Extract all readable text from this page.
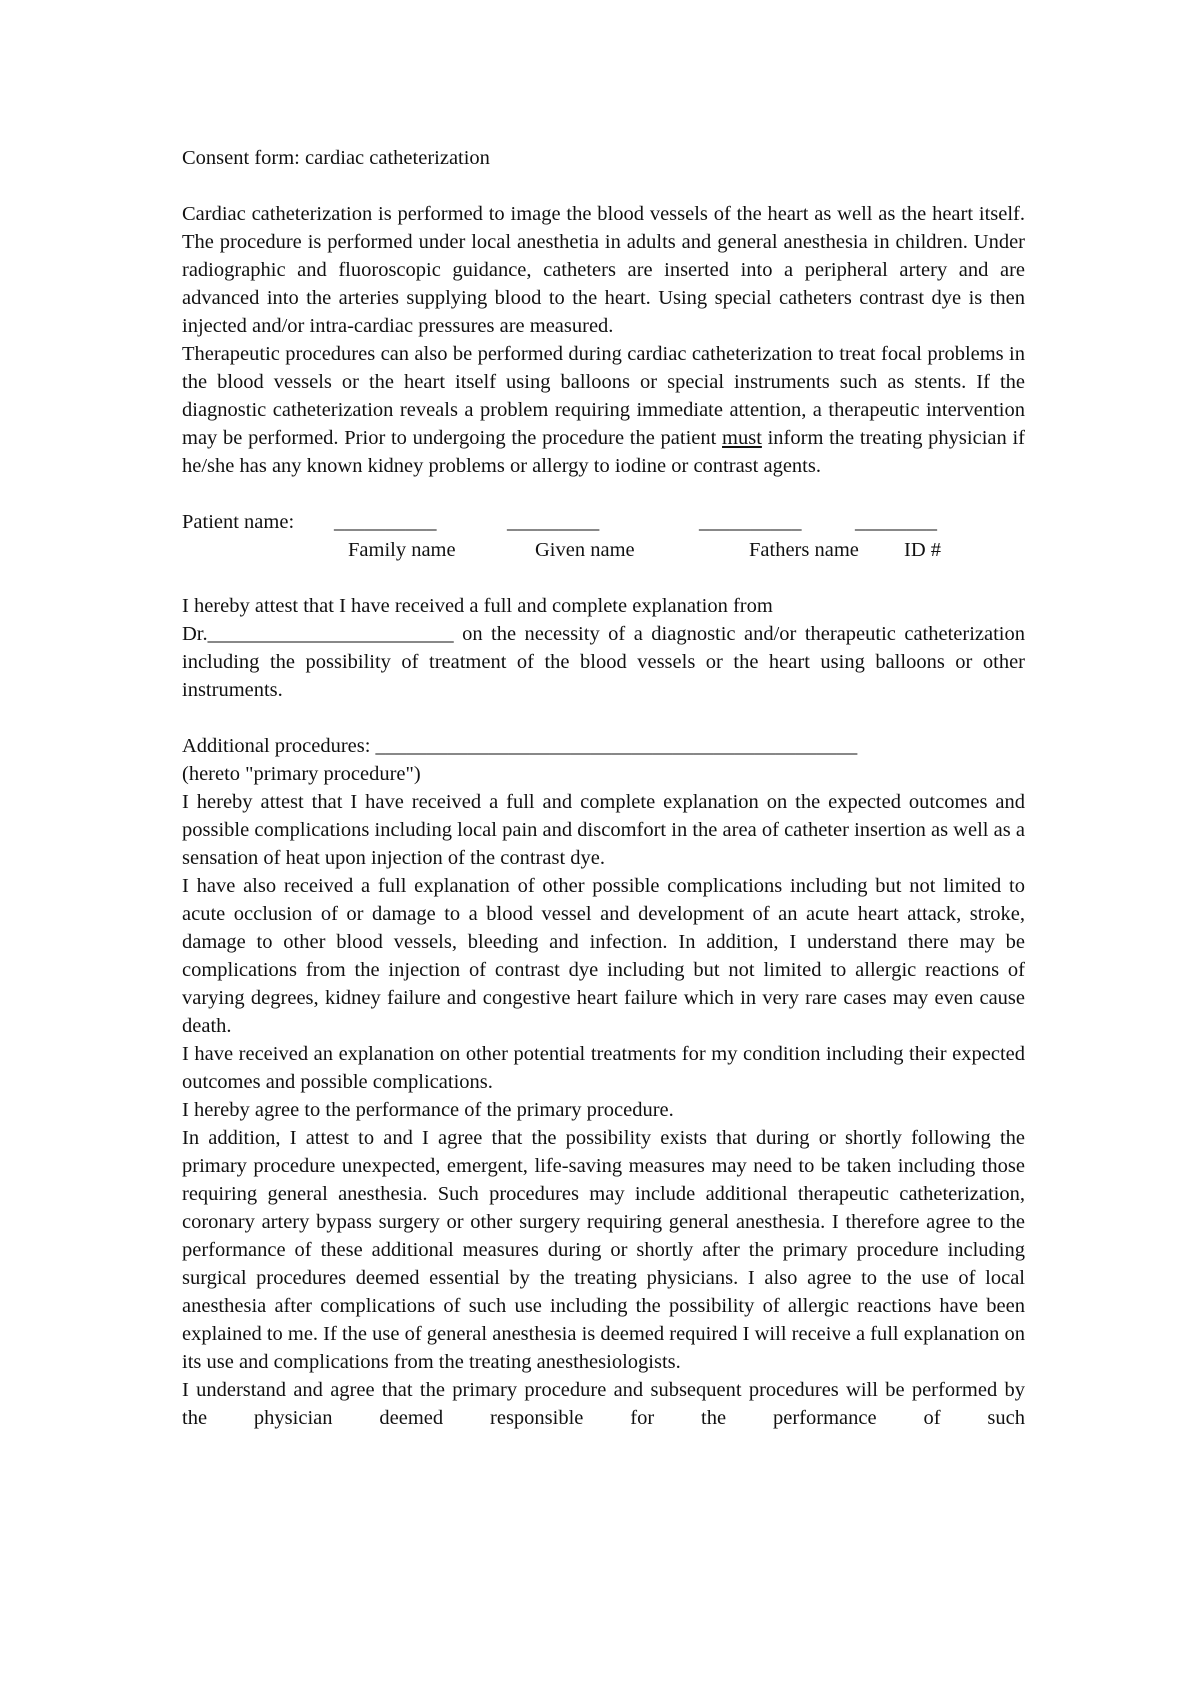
Consent form: cardiac catheterization

Cardiac catheterization is performed to image the blood vessels of the heart as well as the heart itself. The procedure is performed under local anesthetia in adults and general anesthesia in children. Under radiographic and fluoroscopic guidance, catheters are inserted into a peripheral artery and are advanced into the arteries supplying blood to the heart. Using special catheters contrast dye is then injected and/or intra-cardiac pressures are measured.

Therapeutic procedures can also be performed during cardiac catheterization to treat focal problems in the blood vessels or the heart itself using balloons or special instruments such as stents. If the diagnostic catheterization reveals a problem requiring immediate attention, a therapeutic intervention may be performed. Prior to undergoing the procedure the patient must inform the treating physician if he/she has any known kidney problems or allergy to iodine or contrast agents.

Patient name: __________	_________	__________	________
Family name	Given name	Fathers name ID #

I hereby attest that I have received a full and complete explanation from

Dr.________________________ on the necessity of a diagnostic and/or therapeutic catheterization including the possibility of treatment of the blood vessels or the heart using balloons or other instruments.

Additional procedures: _______________________________________________

(hereto "primary procedure")

I hereby attest that I have received a full and complete explanation on the expected outcomes and possible complications including local pain and discomfort in the area of catheter insertion as well as a sensation of heat upon injection of the contrast dye.

I have also received a full explanation of other possible complications including but not limited to acute occlusion of or damage to a blood vessel and development of an acute heart attack, stroke, damage to other blood vessels, bleeding and infection. In addition, I understand there may be complications from the injection of contrast dye including but not limited to allergic reactions of varying degrees, kidney failure and congestive heart failure which in very rare cases may even cause death.

I have received an explanation on other potential treatments for my condition including their expected outcomes and possible complications.

I hereby agree to the performance of the primary procedure.

In addition, I attest to and I agree that the possibility exists that during or shortly following the primary procedure unexpected, emergent, life-saving measures may need to be taken including those requiring general anesthesia. Such procedures may include additional therapeutic catheterization, coronary artery bypass surgery or other surgery requiring general anesthesia. I therefore agree to the performance of these additional measures during or shortly after the primary procedure including surgical procedures deemed essential by the treating physicians. I also agree to the use of local anesthesia after complications of such use including the possibility of allergic reactions have been explained to me. If the use of general anesthesia is deemed required I will receive a full explanation on its use and complications from the treating anesthesiologists.

I understand and agree that the primary procedure and subsequent procedures will be performed by the physician deemed responsible for the performance of such
